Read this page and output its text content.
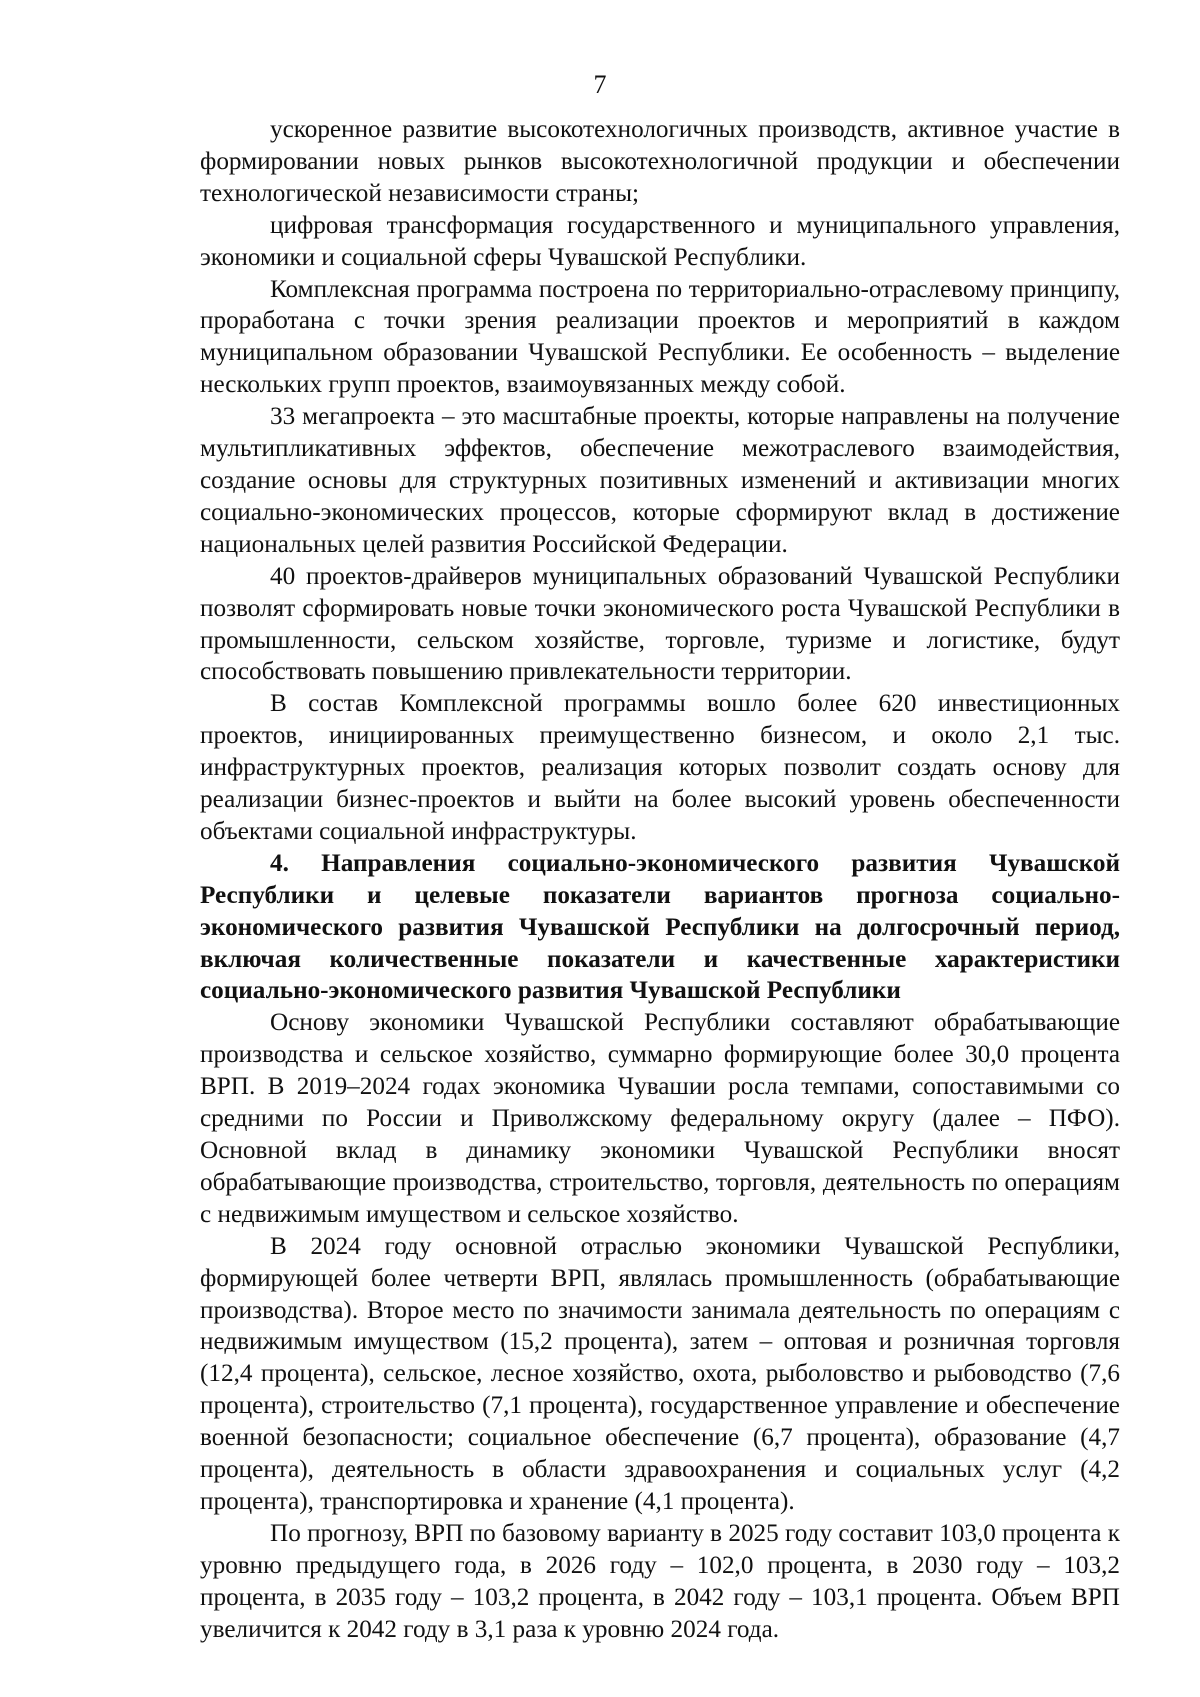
7

ускоренное развитие высокотехнологичных производств, активное участие в формировании новых рынков высокотехнологичной продукции и обеспечении технологической независимости страны;

цифровая трансформация государственного и муниципального управления, экономики и социальной сферы Чувашской Республики.

Комплексная программа построена по территориально-отраслевому принципу, проработана с точки зрения реализации проектов и мероприятий в каждом муниципальном образовании Чувашской Республики. Ее особенность – выделение нескольких групп проектов, взаимоувязанных между собой.

33 мегапроекта – это масштабные проекты, которые направлены на получение мультипликативных эффектов, обеспечение межотраслевого взаимодействия, создание основы для структурных позитивных изменений и активизации многих социально-экономических процессов, которые сформируют вклад в достижение национальных целей развития Российской Федерации.

40 проектов-драйверов муниципальных образований Чувашской Республики позволят сформировать новые точки экономического роста Чувашской Республики в промышленности, сельском хозяйстве, торговле, туризме и логистике, будут способствовать повышению привлекательности территории.

В состав Комплексной программы вошло более 620 инвестиционных проектов, инициированных преимущественно бизнесом, и около 2,1 тыс. инфраструктурных проектов, реализация которых позволит создать основу для реализации бизнес-проектов и выйти на более высокий уровень обеспеченности объектами социальной инфраструктуры.

4. Направления социально-экономического развития Чувашской Республики и целевые показатели вариантов прогноза социально-экономического развития Чувашской Республики на долгосрочный период, включая количественные показатели и качественные характеристики социально-экономического развития Чувашской Республики

Основу экономики Чувашской Республики составляют обрабатывающие производства и сельское хозяйство, суммарно формирующие более 30,0 процента ВРП. В 2019–2024 годах экономика Чувашии росла темпами, сопоставимыми со средними по России и Приволжскому федеральному округу (далее – ПФО). Основной вклад в динамику экономики Чувашской Республики вносят обрабатывающие производства, строительство, торговля, деятельность по операциям с недвижимым имуществом и сельское хозяйство.

В 2024 году основной отраслью экономики Чувашской Республики, формирующей более четверти ВРП, являлась промышленность (обрабатывающие производства). Второе место по значимости занимала деятельность по операциям с недвижимым имуществом (15,2 процента), затем – оптовая и розничная торговля (12,4 процента), сельское, лесное хозяйство, охота, рыболовство и рыбоводство (7,6 процента), строительство (7,1 процента), государственное управление и обеспечение военной безопасности; социальное обеспечение (6,7 процента), образование (4,7 процента), деятельность в области здравоохранения и социальных услуг (4,2 процента), транспортировка и хранение (4,1 процента).

По прогнозу, ВРП по базовому варианту в 2025 году составит 103,0 процента к уровню предыдущего года, в 2026 году – 102,0 процента, в 2030 году – 103,2 процента, в 2035 году – 103,2 процента, в 2042 году – 103,1 процента. Объем ВРП увеличится к 2042 году в 3,1 раза к уровню 2024 года.
